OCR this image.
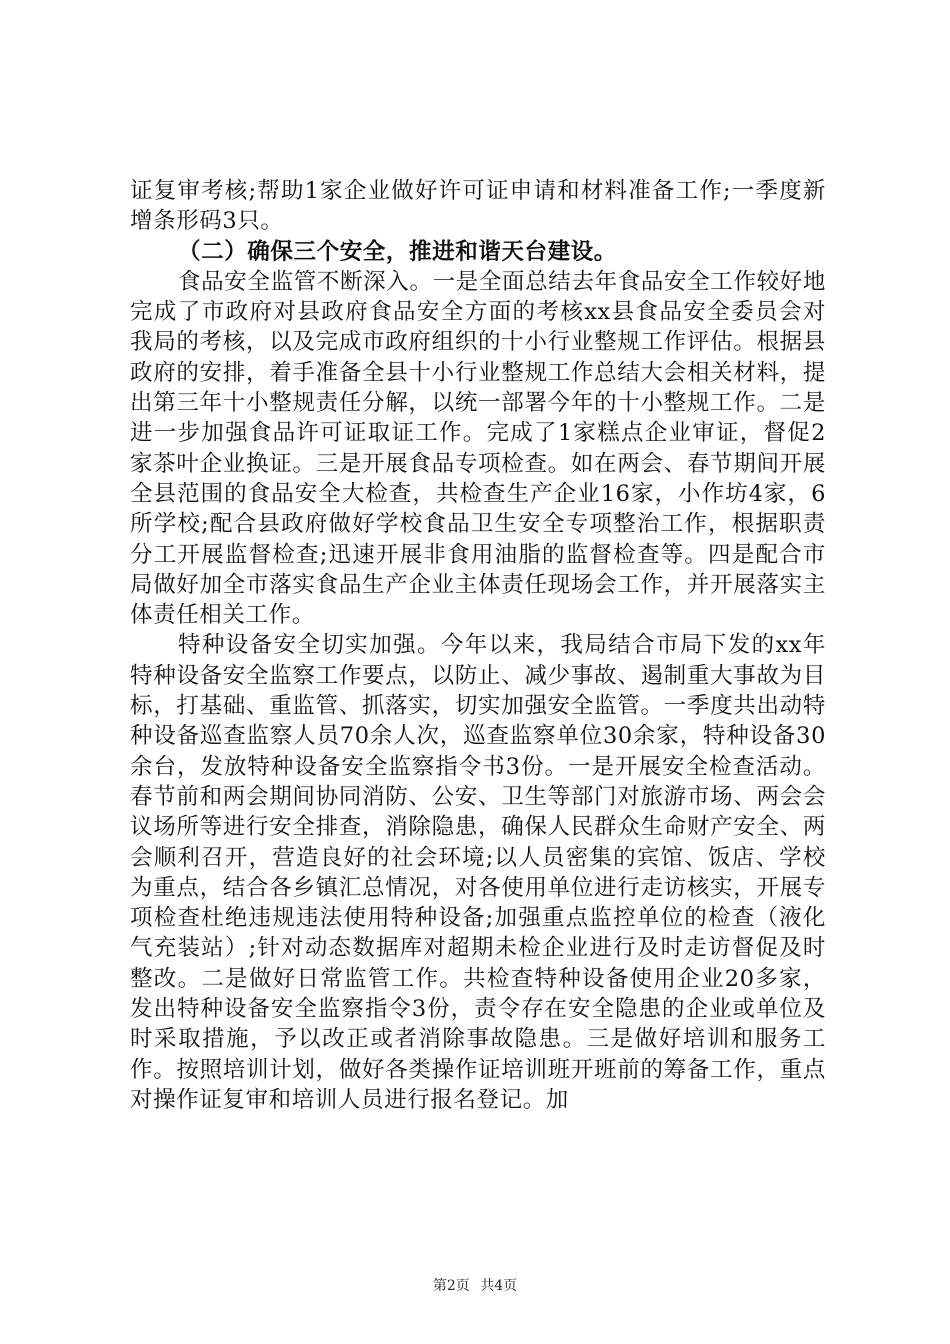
证复审考核;帮助1家企业做好许可证申请和材料准备工作;一季度新增条形码3只。

（二）确保三个安全，推进和谐天台建设。

食品安全监管不断深入。一是全面总结去年食品安全工作较好地完成了市政府对县政府食品安全方面的考核xx县食品安全委员会对我局的考核，以及完成市政府组织的十小行业整规工作评估。根据县政府的安排，着手准备全县十小行业整规工作总结大会相关材料，提出第三年十小整规责任分解，以统一部署今年的十小整规工作。二是进一步加强食品许可证取证工作。完成了1家糕点企业审证，督促2家茶叶企业换证。三是开展食品专项检查。如在两会、春节期间开展全县范围的食品安全大检查，共检查生产企业16家，小作坊4家，6所学校;配合县政府做好学校食品卫生安全专项整治工作，根据职责分工开展监督检查;迅速开展非食用油脂的监督检查等。四是配合市局做好加全市落实食品生产企业主体责任现场会工作，并开展落实主体责任相关工作。

特种设备安全切实加强。今年以来，我局结合市局下发的xx年特种设备安全监察工作要点，以防止、减少事故、遏制重大事故为目标，打基础、重监管、抓落实，切实加强安全监管。一季度共出动特种设备巡查监察人员70余人次，巡查监察单位30余家，特种设备30余台，发放特种设备安全监察指令书3份。一是开展安全检查活动。春节前和两会期间协同消防、公安、卫生等部门对旅游市场、两会会议场所等进行安全排查，消除隐患，确保人民群众生命财产安全、两会顺利召开，营造良好的社会环境;以人员密集的宾馆、饭店、学校为重点，结合各乡镇汇总情况，对各使用单位进行走访核实，开展专项检查杜绝违规违法使用特种设备;加强重点监控单位的检查（液化气充装站）;针对动态数据库对超期未检企业进行及时走访督促及时整改。二是做好日常监管工作。共检查特种设备使用企业20多家，发出特种设备安全监察指令3份，责令存在安全隐患的企业或单位及时采取措施，予以改正或者消除事故隐患。三是做好培训和服务工作。按照培训计划，做好各类操作证培训班开班前的筹备工作，重点对操作证复审和培训人员进行报名登记。加

第2页 共4页
